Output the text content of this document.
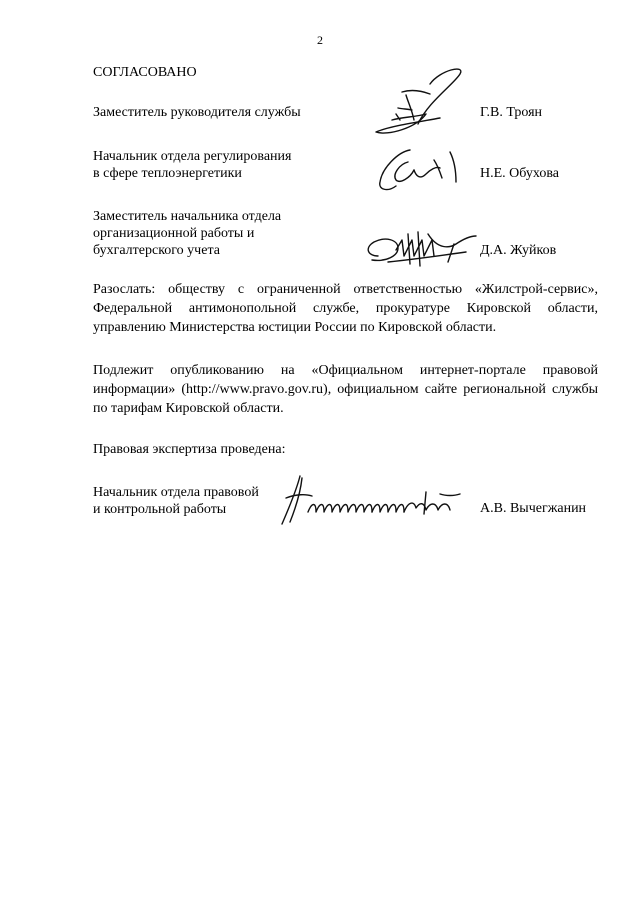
2
СОГЛАСОВАНО
Заместитель руководителя службы	Г.В. Троян
Начальник отдела регулирования
в сфере теплоэнергетики	Н.Е. Обухова
Заместитель начальника отдела
организационной работы и
бухгалтерского учета	Д.А. Жуйков
Разослать: обществу с ограниченной ответственностью «Жилстрой-сервис», Федеральной антимонопольной службе, прокуратуре Кировской области, управлению Министерства юстиции России по Кировской области.
Подлежит опубликованию на «Официальном интернет-портале правовой информации» (http://www.pravo.gov.ru), официальном сайте региональной службы по тарифам Кировской области.
Правовая экспертиза проведена:
Начальник отдела правовой
и контрольной работы	А.В. Вычегжанин
